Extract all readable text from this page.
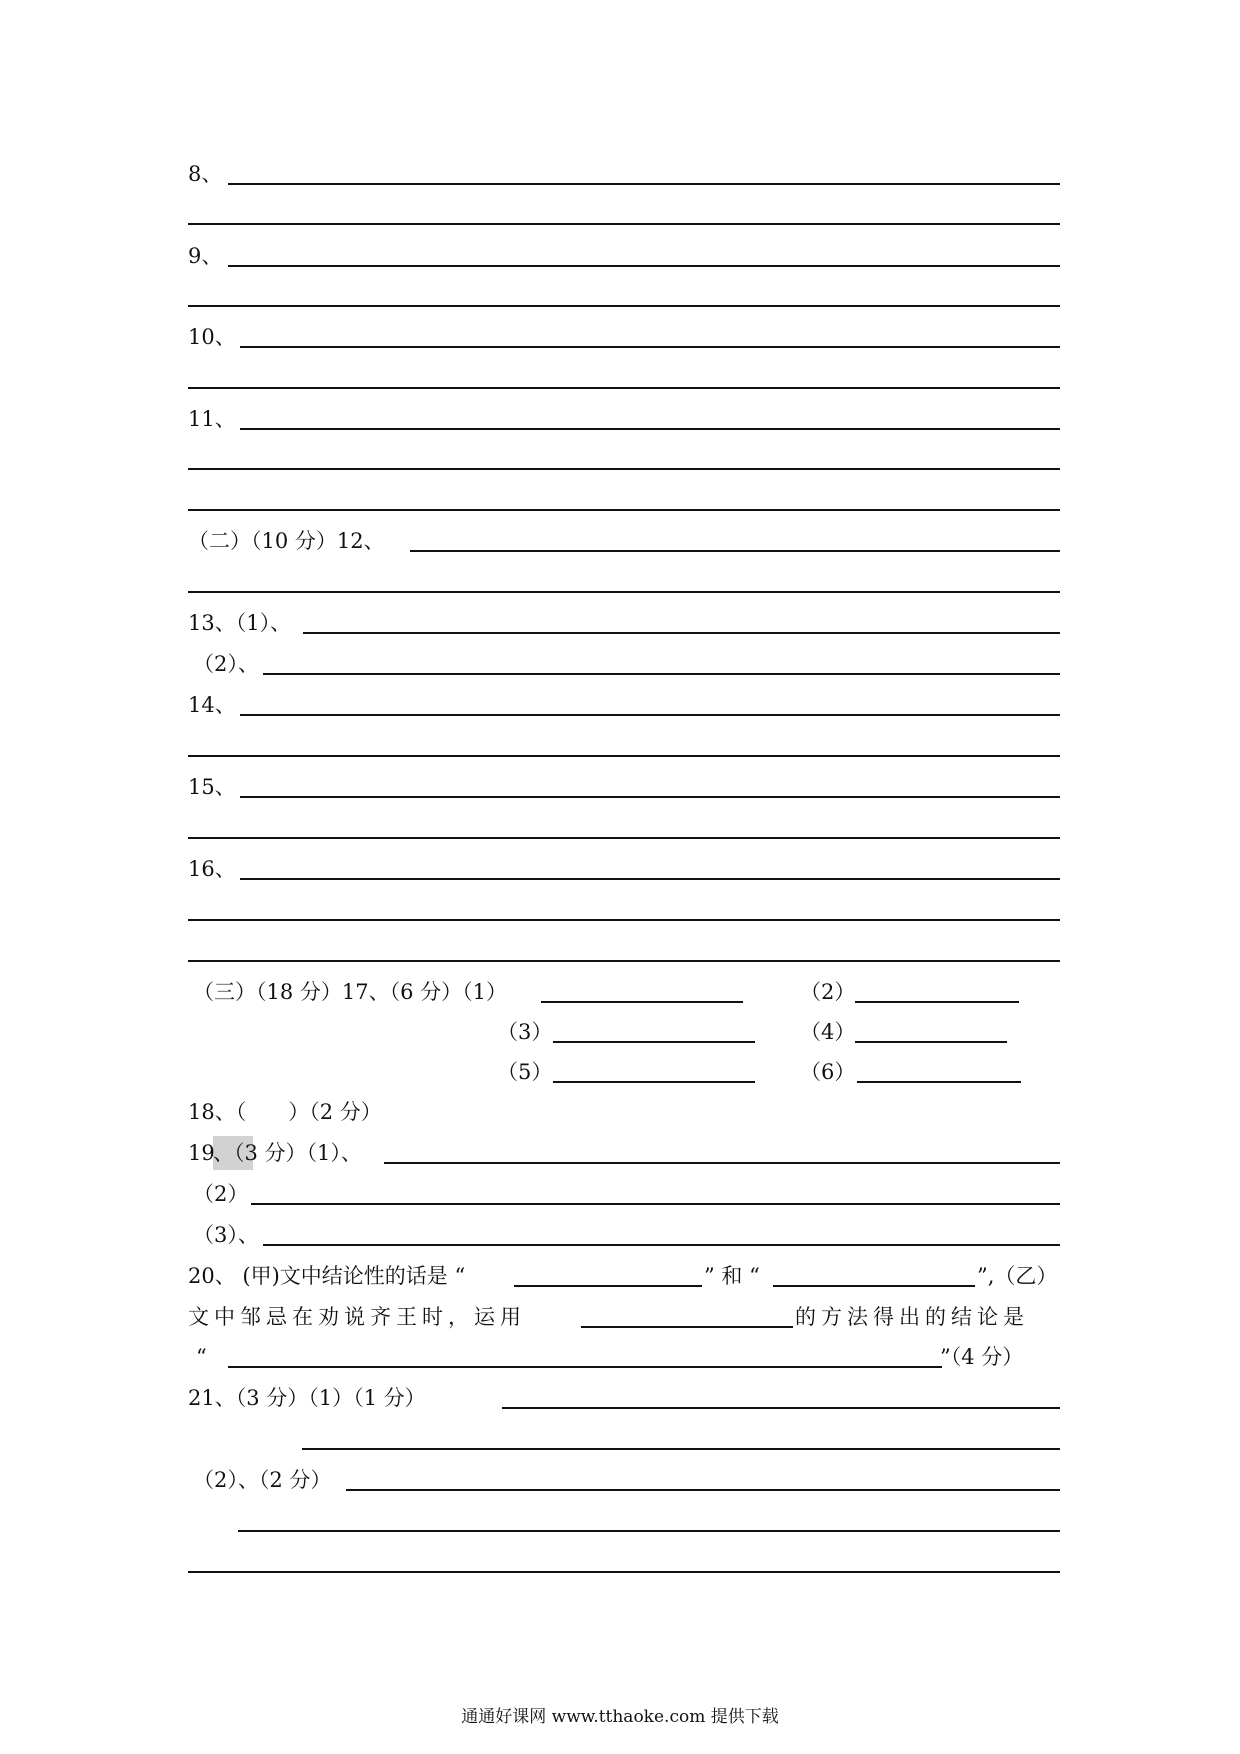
8、
9、
10、
11、
（二）（10 分）12、
13、（1）、
（2）、
14、
15、
16、
（三）（18 分）17、（6 分）（1）	（2）
（3）	（4）
（5）	（6）
18、（　　）（2 分）
19
、（3 分）（1）、
（2）
（3）、
20、 (甲)文中结论性的话是 “	” 和 “	”,（乙）
文中邹忌在劝说齐王时，运用	的方法得出的结论是
“	”（4 分）
21、（3 分）（1）（1 分）
（2）、（2 分）
通通好课网 www.tthaoke.com 提供下载
